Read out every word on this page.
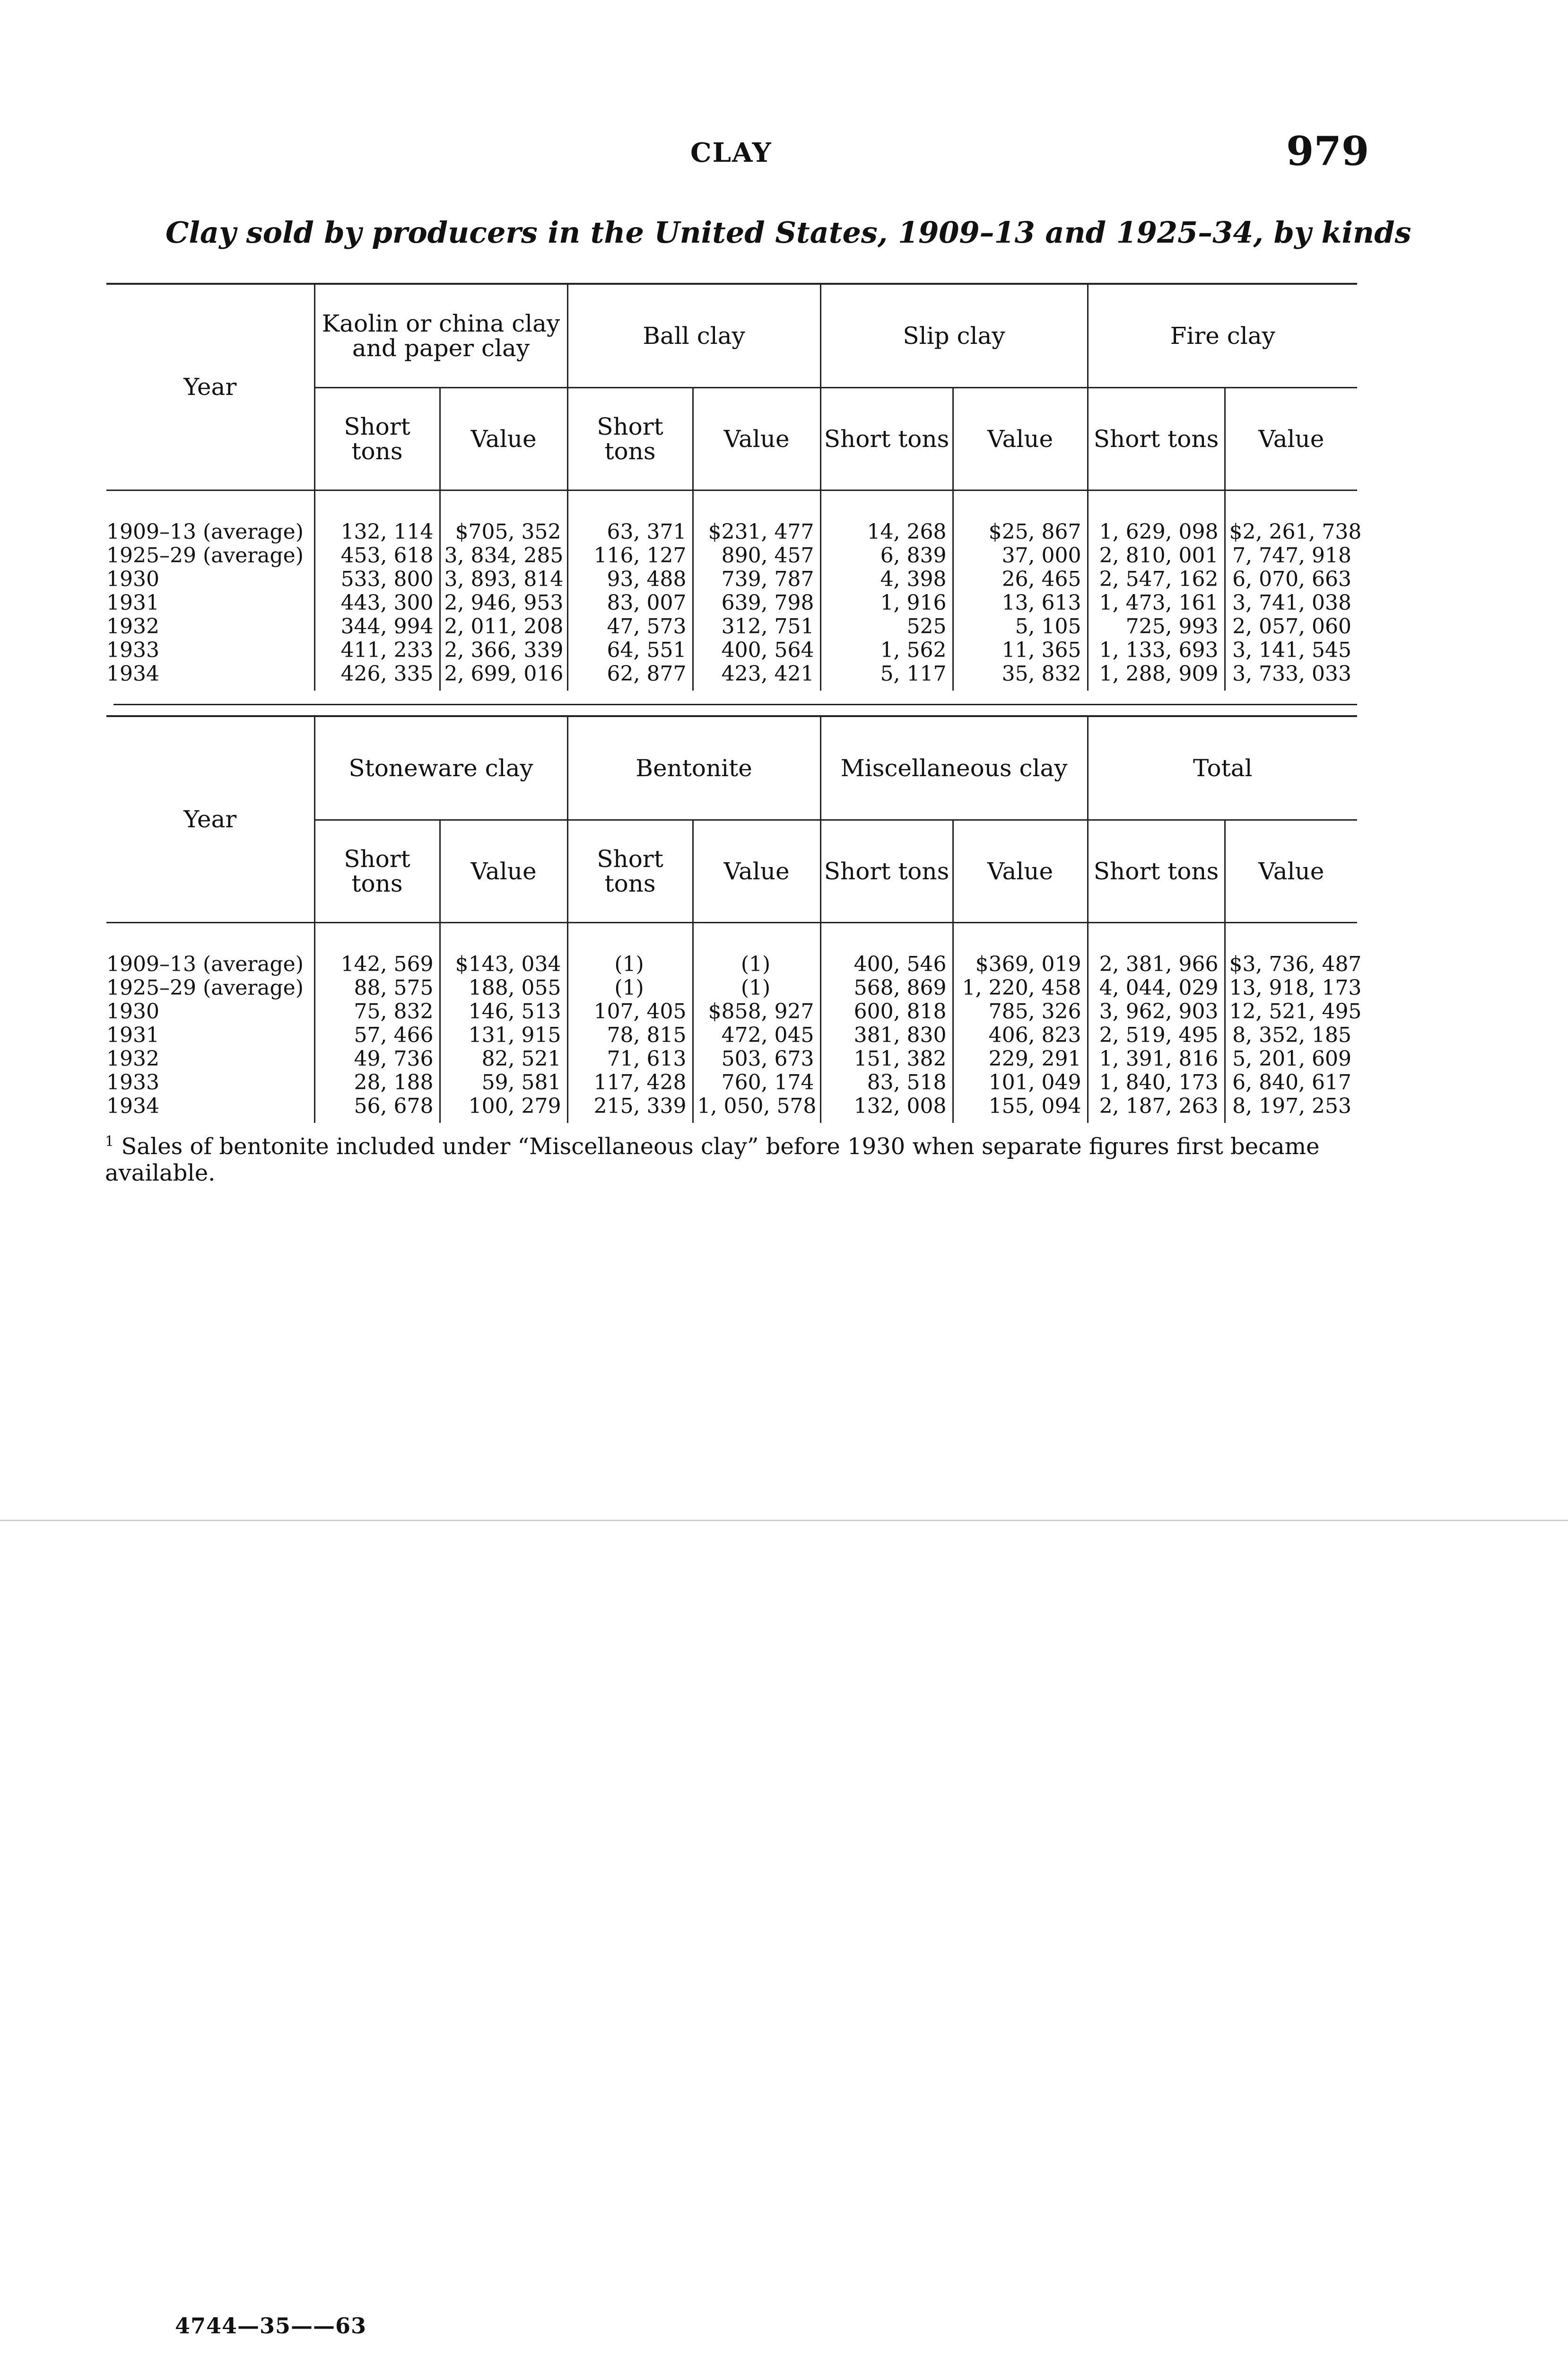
CLAY	979
Clay sold by producers in the United States, 1909–13 and 1925–34, by kinds
Year	Kaolin or china clay and paper clay		Ball clay		Slip clay		Fire clay	
	Short tons	Value	Short tons	Value	Short tons	Value	Short tons	Value
1909–13 (average)	132, 114	$705, 352	63, 371	$231, 477	14, 268	$25, 867	1, 629, 098	$2, 261, 738
1925–29 (average)	453, 618	3, 834, 285	116, 127	890, 457	6, 839	37, 000	2, 810, 001	7, 747, 918
1930	533, 800	3, 893, 814	93, 488	739, 787	4, 398	26, 465	2, 547, 162	6, 070, 663
1931	443, 300	2, 946, 953	83, 007	639, 798	1, 916	13, 613	1, 473, 161	3, 741, 038
1932	344, 994	2, 011, 208	47, 573	312, 751	525	5, 105	725, 993	2, 057, 060
1933	411, 233	2, 366, 339	64, 551	400, 564	1, 562	11, 365	1, 133, 693	3, 141, 545
1934	426, 335	2, 699, 016	62, 877	423, 421	5, 117	35, 832	1, 288, 909	3, 733, 033
Year	Stoneware clay		Bentonite		Miscellaneous clay		Total	
	Short tons	Value	Short tons	Value	Short tons	Value	Short tons	Value
1909–13 (average)	142, 569	$143, 034	(1)	(1)	400, 546	$369, 019	2, 381, 966	$3, 736, 487
1925–29 (average)	88, 575	188, 055	(1)	(1)	568, 869	1, 220, 458	4, 044, 029	13, 918, 173
1930	75, 832	146, 513	107, 405	$858, 927	600, 818	785, 326	3, 962, 903	12, 521, 495
1931	57, 466	131, 915	78, 815	472, 045	381, 830	406, 823	2, 519, 495	8, 352, 185
1932	49, 736	82, 521	71, 613	503, 673	151, 382	229, 291	1, 391, 816	5, 201, 609
1933	28, 188	59, 581	117, 428	760, 174	83, 518	101, 049	1, 840, 173	6, 840, 617
1934	56, 678	100, 279	215, 339	1, 050, 578	132, 008	155, 094	2, 187, 263	8, 197, 253
$^1$ Sales of bentonite included under “Miscellaneous clay” before 1930 when separate figures first became available.
4744—35——63
